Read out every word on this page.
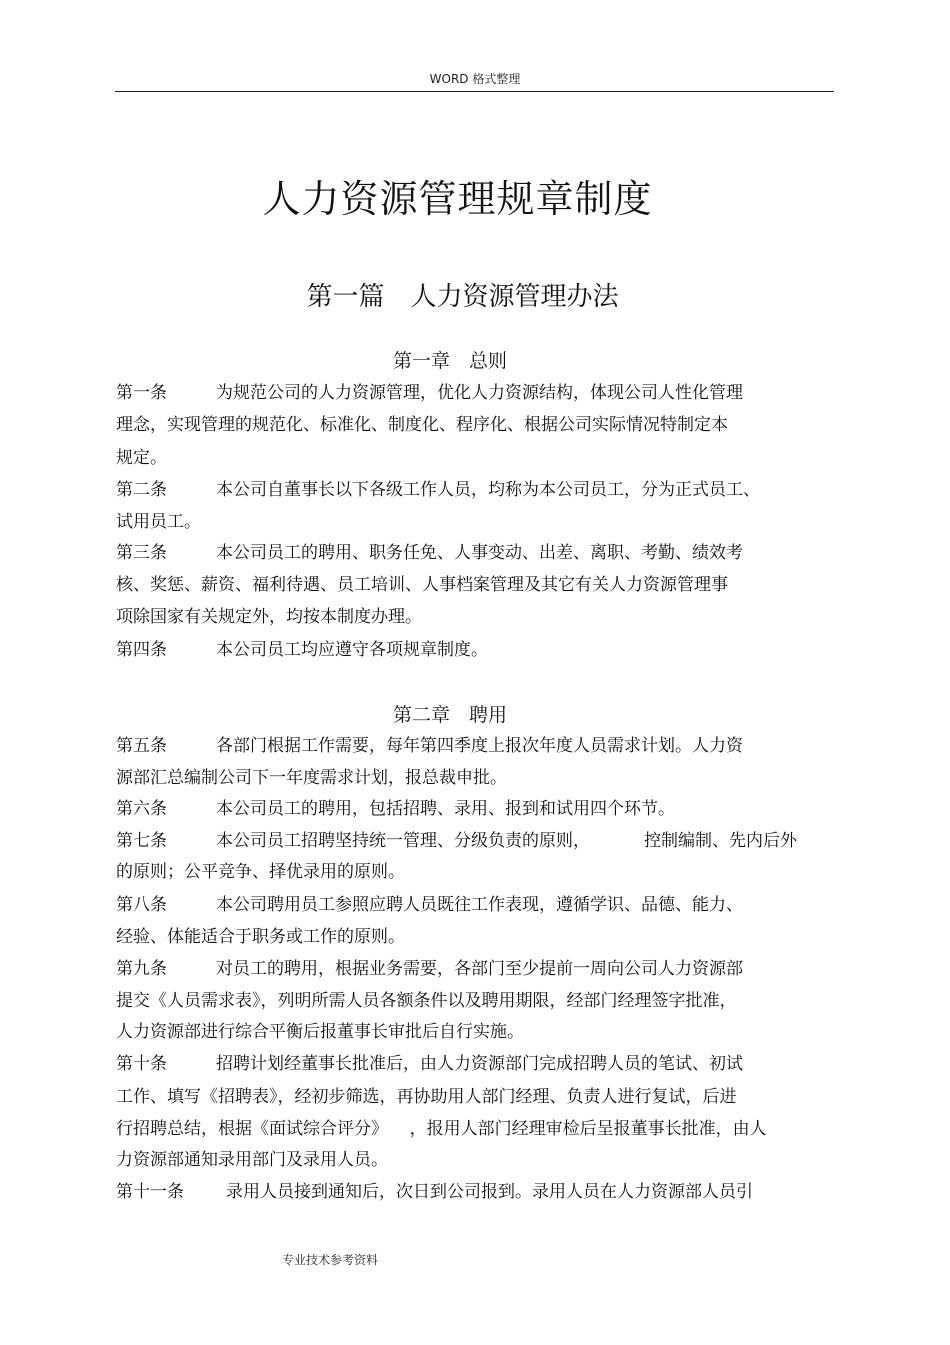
WORD 格式整理
人力资源管理规章制度
第一篇　人力资源管理办法
第一章　总则
第一条	为规范公司的人力资源管理，优化人力资源结构，体现公司人性化管理
理念，实现管理的规范化、标准化、制度化、程序化、根据公司实际情况特制定本
规定。
第二条	本公司自董事长以下各级工作人员，均称为本公司员工，分为正式员工、
试用员工。
第三条	本公司员工的聘用、职务任免、人事变动、出差、离职、考勤、绩效考
核、奖惩、薪资、福利待遇、员工培训、人事档案管理及其它有关人力资源管理事
项除国家有关规定外，均按本制度办理。
第四条	本公司员工均应遵守各项规章制度。
第二章　聘用
第五条	各部门根据工作需要，每年第四季度上报次年度人员需求计划。人力资
源部汇总编制公司下一年度需求计划，报总裁申批。
第六条	本公司员工的聘用，包括招聘、录用、报到和试用四个环节。
第七条	本公司员工招聘坚持统一管理、分级负责的原则，          控制编制、先内后外
的原则；公平竞争、择优录用的原则。
第八条	本公司聘用员工参照应聘人员既往工作表现，遵循学识、品德、能力、
经验、体能适合于职务或工作的原则。
第九条	对员工的聘用，根据业务需要，各部门至少提前一周向公司人力资源部
提交《人员需求表》，列明所需人员各额条件以及聘用期限，经部门经理签字批准，
人力资源部进行综合平衡后报董事长审批后自行实施。
第十条	招聘计划经董事长批准后，由人力资源部门完成招聘人员的笔试、初试
工作、填写《招聘表》，经初步筛选，再协助用人部门经理、负责人进行复试，后进
行招聘总结，根据《面试综合评分》    ，报用人部门经理审检后呈报董事长批准，由人
力资源部通知录用部门及录用人员。
第十一条 录用人员接到通知后，次日到公司报到。录用人员在人力资源部人员引
专业技术参考资料
